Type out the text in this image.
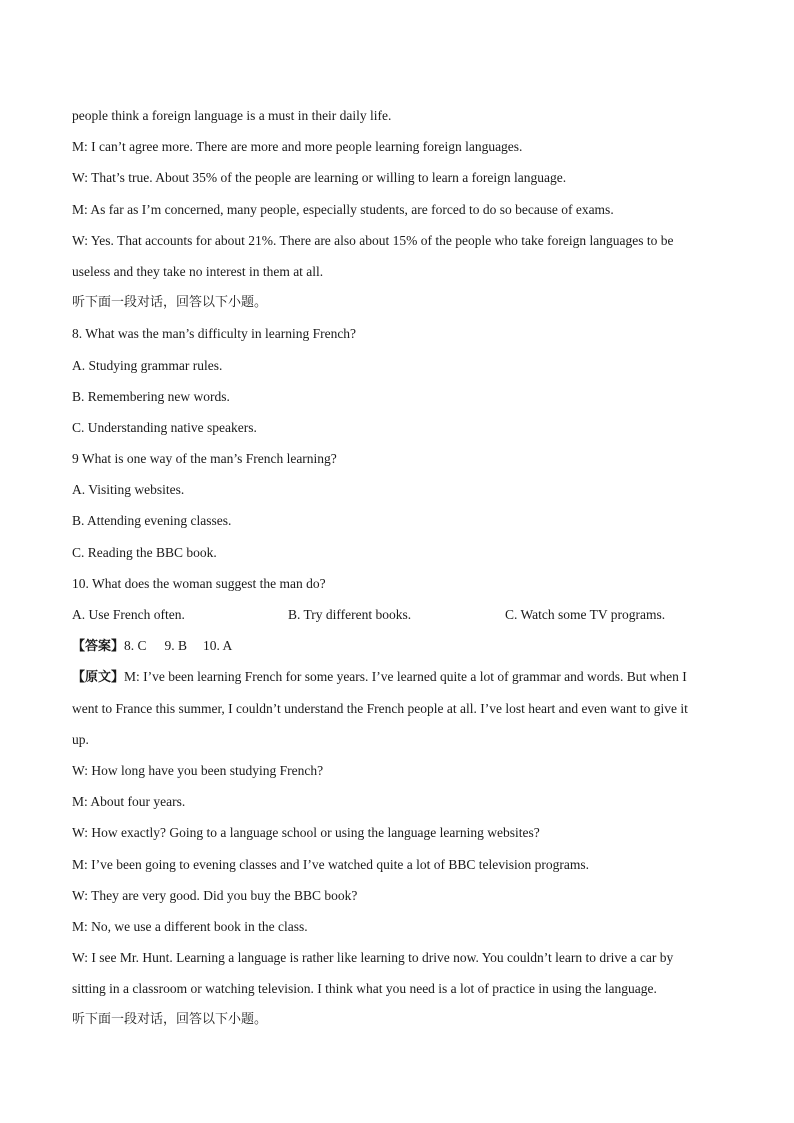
people think a foreign language is a must in their daily life.
M: I can’t agree more. There are more and more people learning foreign languages.
W: That’s true. About 35% of the people are learning or willing to learn a foreign language.
M: As far as I’m concerned, many people, especially students, are forced to do so because of exams.
W: Yes. That accounts for about 21%. There are also about 15% of the people who take foreign languages to be
useless and they take no interest in them at all.
听下面一段对话，回答以下小题。
8. What was the man’s difficulty in learning French?
A. Studying grammar rules.
B. Remembering new words.
C. Understanding native speakers.
9 What is one way of the man’s French learning?
A. Visiting websites.
B. Attending evening classes.
C. Reading the BBC book.
10. What does the woman suggest the man do?
A. Use French often.	B. Try different books.	C. Watch some TV programs.
【答案】8. C 9. B 10. A
【原文】M: I’ve been learning French for some years. I’ve learned quite a lot of grammar and words. But when I
went to France this summer, I couldn’t understand the French people at all. I’ve lost heart and even want to give it
up.
W: How long have you been studying French?
M: About four years.
W: How exactly? Going to a language school or using the language learning websites?
M: I’ve been going to evening classes and I’ve watched quite a lot of BBC television programs.
W: They are very good. Did you buy the BBC book?
M: No, we use a different book in the class.
W: I see Mr. Hunt. Learning a language is rather like learning to drive now. You couldn’t learn to drive a car by
sitting in a classroom or watching television. I think what you need is a lot of practice in using the language.
听下面一段对话，回答以下小题。
